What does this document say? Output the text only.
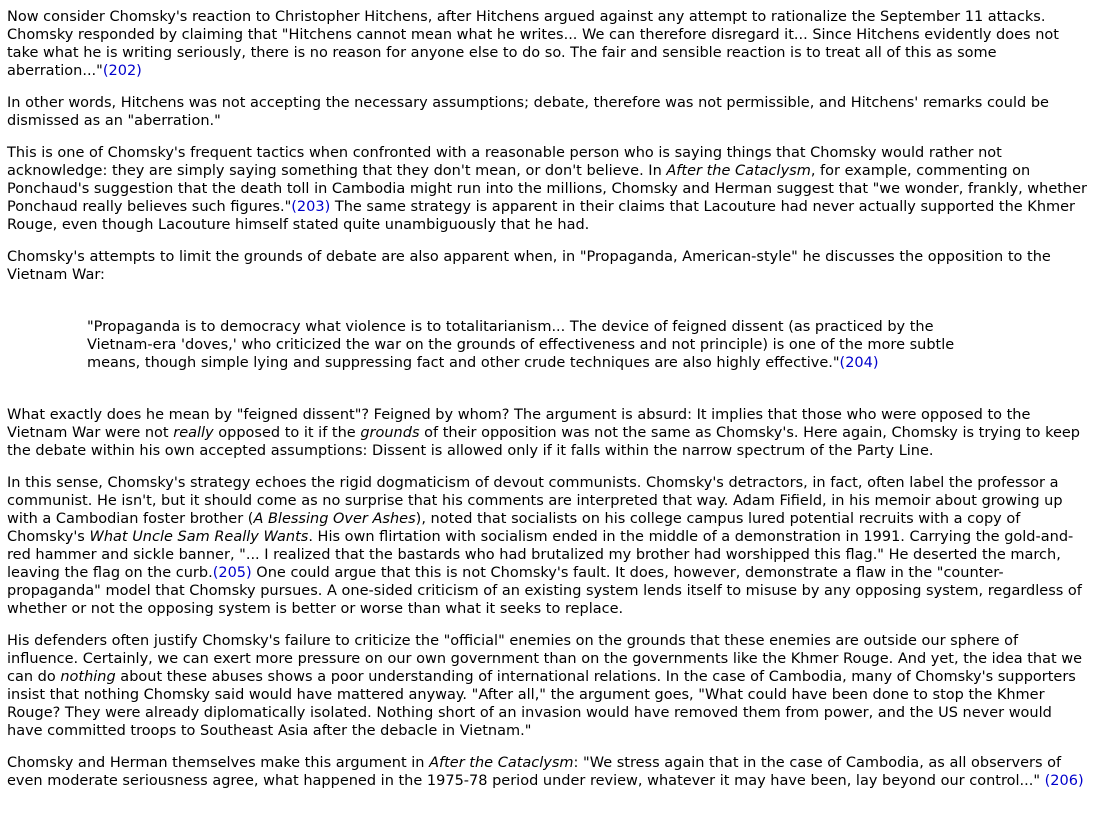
Now consider Chomsky's reaction to Christopher Hitchens, after Hitchens argued against any attempt to rationalize the September 11 attacks. Chomsky responded by claiming that "Hitchens cannot mean what he writes... We can therefore disregard it... Since Hitchens evidently does not take what he is writing seriously, there is no reason for anyone else to do so. The fair and sensible reaction is to treat all of this as some aberration..."(202)

In other words, Hitchens was not accepting the necessary assumptions; debate, therefore was not permissible, and Hitchens' remarks could be dismissed as an "aberration."

This is one of Chomsky's frequent tactics when confronted with a reasonable person who is saying things that Chomsky would rather not acknowledge: they are simply saying something that they don't mean, or don't believe. In After the Cataclysm, for example, commenting on Ponchaud's suggestion that the death toll in Cambodia might run into the millions, Chomsky and Herman suggest that "we wonder, frankly, whether Ponchaud really believes such figures."(203) The same strategy is apparent in their claims that Lacouture had never actually supported the Khmer Rouge, even though Lacouture himself stated quite unambiguously that he had.

Chomsky's attempts to limit the grounds of debate are also apparent when, in "Propaganda, American-style" he discusses the opposition to the Vietnam War:

"Propaganda is to democracy what violence is to totalitarianism... The device of feigned dissent (as practiced by the Vietnam-era 'doves,' who criticized the war on the grounds of effectiveness and not principle) is one of the more subtle means, though simple lying and suppressing fact and other crude techniques are also highly effective."(204)

What exactly does he mean by "feigned dissent"? Feigned by whom? The argument is absurd: It implies that those who were opposed to the Vietnam War were not really opposed to it if the grounds of their opposition was not the same as Chomsky's. Here again, Chomsky is trying to keep the debate within his own accepted assumptions: Dissent is allowed only if it falls within the narrow spectrum of the Party Line.

In this sense, Chomsky's strategy echoes the rigid dogmaticism of devout communists. Chomsky's detractors, in fact, often label the professor a communist. He isn't, but it should come as no surprise that his comments are interpreted that way. Adam Fifield, in his memoir about growing up with a Cambodian foster brother (A Blessing Over Ashes), noted that socialists on his college campus lured potential recruits with a copy of Chomsky's What Uncle Sam Really Wants. His own flirtation with socialism ended in the middle of a demonstration in 1991. Carrying the gold-and-red hammer and sickle banner, "... I realized that the bastards who had brutalized my brother had worshipped this flag." He deserted the march, leaving the flag on the curb.(205) One could argue that this is not Chomsky's fault. It does, however, demonstrate a flaw in the "counter-propaganda" model that Chomsky pursues. A one-sided criticism of an existing system lends itself to misuse by any opposing system, regardless of whether or not the opposing system is better or worse than what it seeks to replace.

His defenders often justify Chomsky's failure to criticize the "official" enemies on the grounds that these enemies are outside our sphere of influence. Certainly, we can exert more pressure on our own government than on the governments like the Khmer Rouge. And yet, the idea that we can do nothing about these abuses shows a poor understanding of international relations. In the case of Cambodia, many of Chomsky's supporters insist that nothing Chomsky said would have mattered anyway. "After all," the argument goes, "What could have been done to stop the Khmer Rouge? They were already diplomatically isolated. Nothing short of an invasion would have removed them from power, and the US never would have committed troops to Southeast Asia after the debacle in Vietnam."

Chomsky and Herman themselves make this argument in After the Cataclysm: "We stress again that in the case of Cambodia, as all observers of even moderate seriousness agree, what happened in the 1975-78 period under review, whatever it may have been, lay beyond our control..." (206)
